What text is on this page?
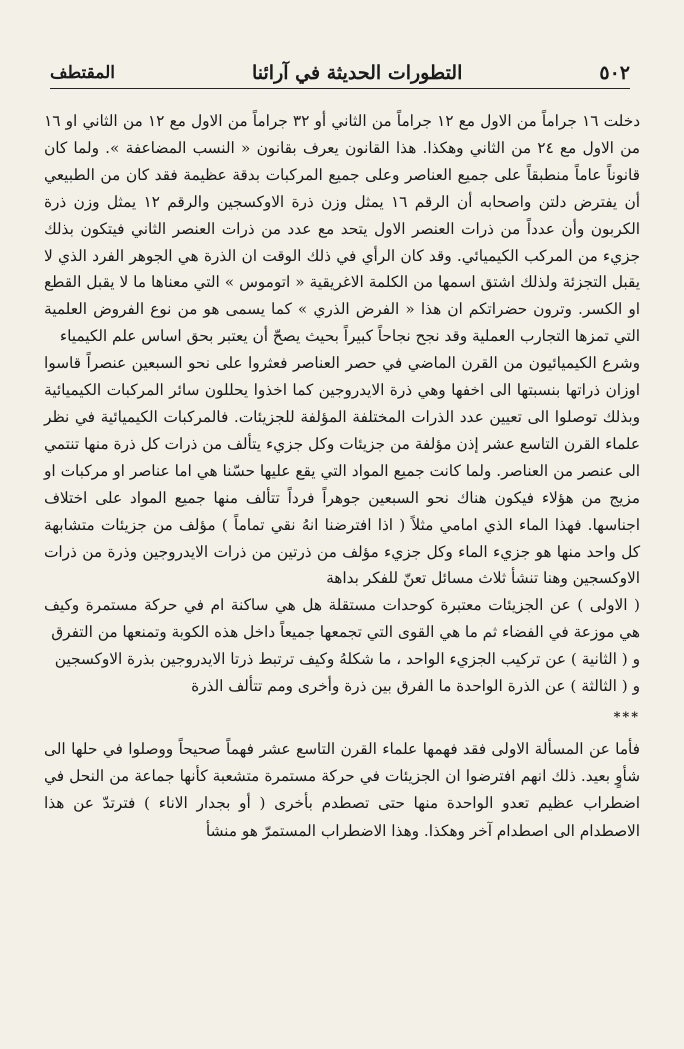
المقتطف	التطورات الحديثة في آرائنا	٥٠٢

دخلت ١٦ جراماً من الاول مع ١٢ جراماً من الثاني أو ٣٢ جراماً من الاول مع ١٢ من الثاني او ١٦ من الاول مع ٢٤ من الثاني وهكذا. هذا القانون يعرف بقانون « النسب المضاعفة ». ولما كان قانوناً عاماً منطبقاً على جميع العناصر وعلى جميع المركبات بدقة عظيمة فقد كان من الطبيعي أن يفترض دلتن واصحابه أن الرقم ١٦ يمثل وزن ذرة الاوكسجين والرقم ١٢ يمثل وزن ذرة الكربون وأن عدداً من ذرات العنصر الاول يتحد مع عدد من ذرات العنصر الثاني فيتكون بذلك جزيء من المركب الكيميائي. وقد كان الرأي في ذلك الوقت ان الذرة هي الجوهر الفرد الذي لا يقبل التجزئة ولذلك اشتق اسمها من الكلمة الاغريقية « اتوموس » التي معناها ما لا يقبل القطع او الكسر. وترون حضراتكم ان هذا « الفرض الذري » كما يسمى هو من نوع الفروض العلمية التي تمزها التجارب العملية وقد نجح نجاحاً كبيراً بحيث يصحّ أن يعتبر بحق اساس علم الكيمياء

وشرع الكيميائيون من القرن الماضي في حصر العناصر فعثروا على نحو السبعين عنصراً قاسوا اوزان ذراتها بنسبتها الى اخفها وهي ذرة الايدروجين كما اخذوا يحللون سائر المركبات الكيميائية وبذلك توصلوا الى تعيين عدد الذرات المختلفة المؤلفة للجزيئات. فالمركبات الكيميائية في نظر علماء القرن التاسع عشر إذن مؤلفة من جزيئات وكل جزيء يتألف من ذرات كل ذرة منها تنتمي الى عنصر من العناصر. ولما كانت جميع المواد التي يقع عليها حسّنا هي اما عناصر او مركبات او مزيج من هؤلاء فيكون هناك نحو السبعين جوهراً فرداً تتألف منها جميع المواد على اختلاف اجناسها. فهذا الماء الذي امامي مثلاً ( اذا افترضنا انهُ نقي تماماً ) مؤلف من جزيئات متشابهة كل واحد منها هو جزيء الماء وكل جزيء مؤلف من ذرتين من ذرات الايدروجين وذرة من ذرات الاوكسجين وهنا تنشأ ثلاث مسائل تعنّ للفكر بداهة

( الاولى ) عن الجزيئات معتبرة كوحدات مستقلة هل هي ساكنة ام في حركة مستمرة وكيف هي موزعة في الفضاء ثم ما هي القوى التي تجمعها جميعاً داخل هذه الكوبة وتمنعها من التفرق

و ( الثانية ) عن تركيب الجزيء الواحد ، ما شكلهُ وكيف ترتبط ذرتا الايدروجين بذرة الاوكسجين

و ( الثالثة ) عن الذرة الواحدة ما الفرق بين ذرة وأخرى ومم تتألف الذرة

***

فأما عن المسألة الاولى فقد فهمها علماء القرن التاسع عشر فهماً صحيحاً ووصلوا في حلها الى شأوٍ بعيد. ذلك انهم افترضوا ان الجزيئات في حركة مستمرة متشعبة كأنها جماعة من النحل في اضطراب عظيم تعدو الواحدة منها حتى تصطدم بأخرى ( أو بجدار الاناء ) فترتدّ عن هذا الاصطدام الى اصطدام آخر وهكذا. وهذا الاضطراب المستمرّ هو منشأ
